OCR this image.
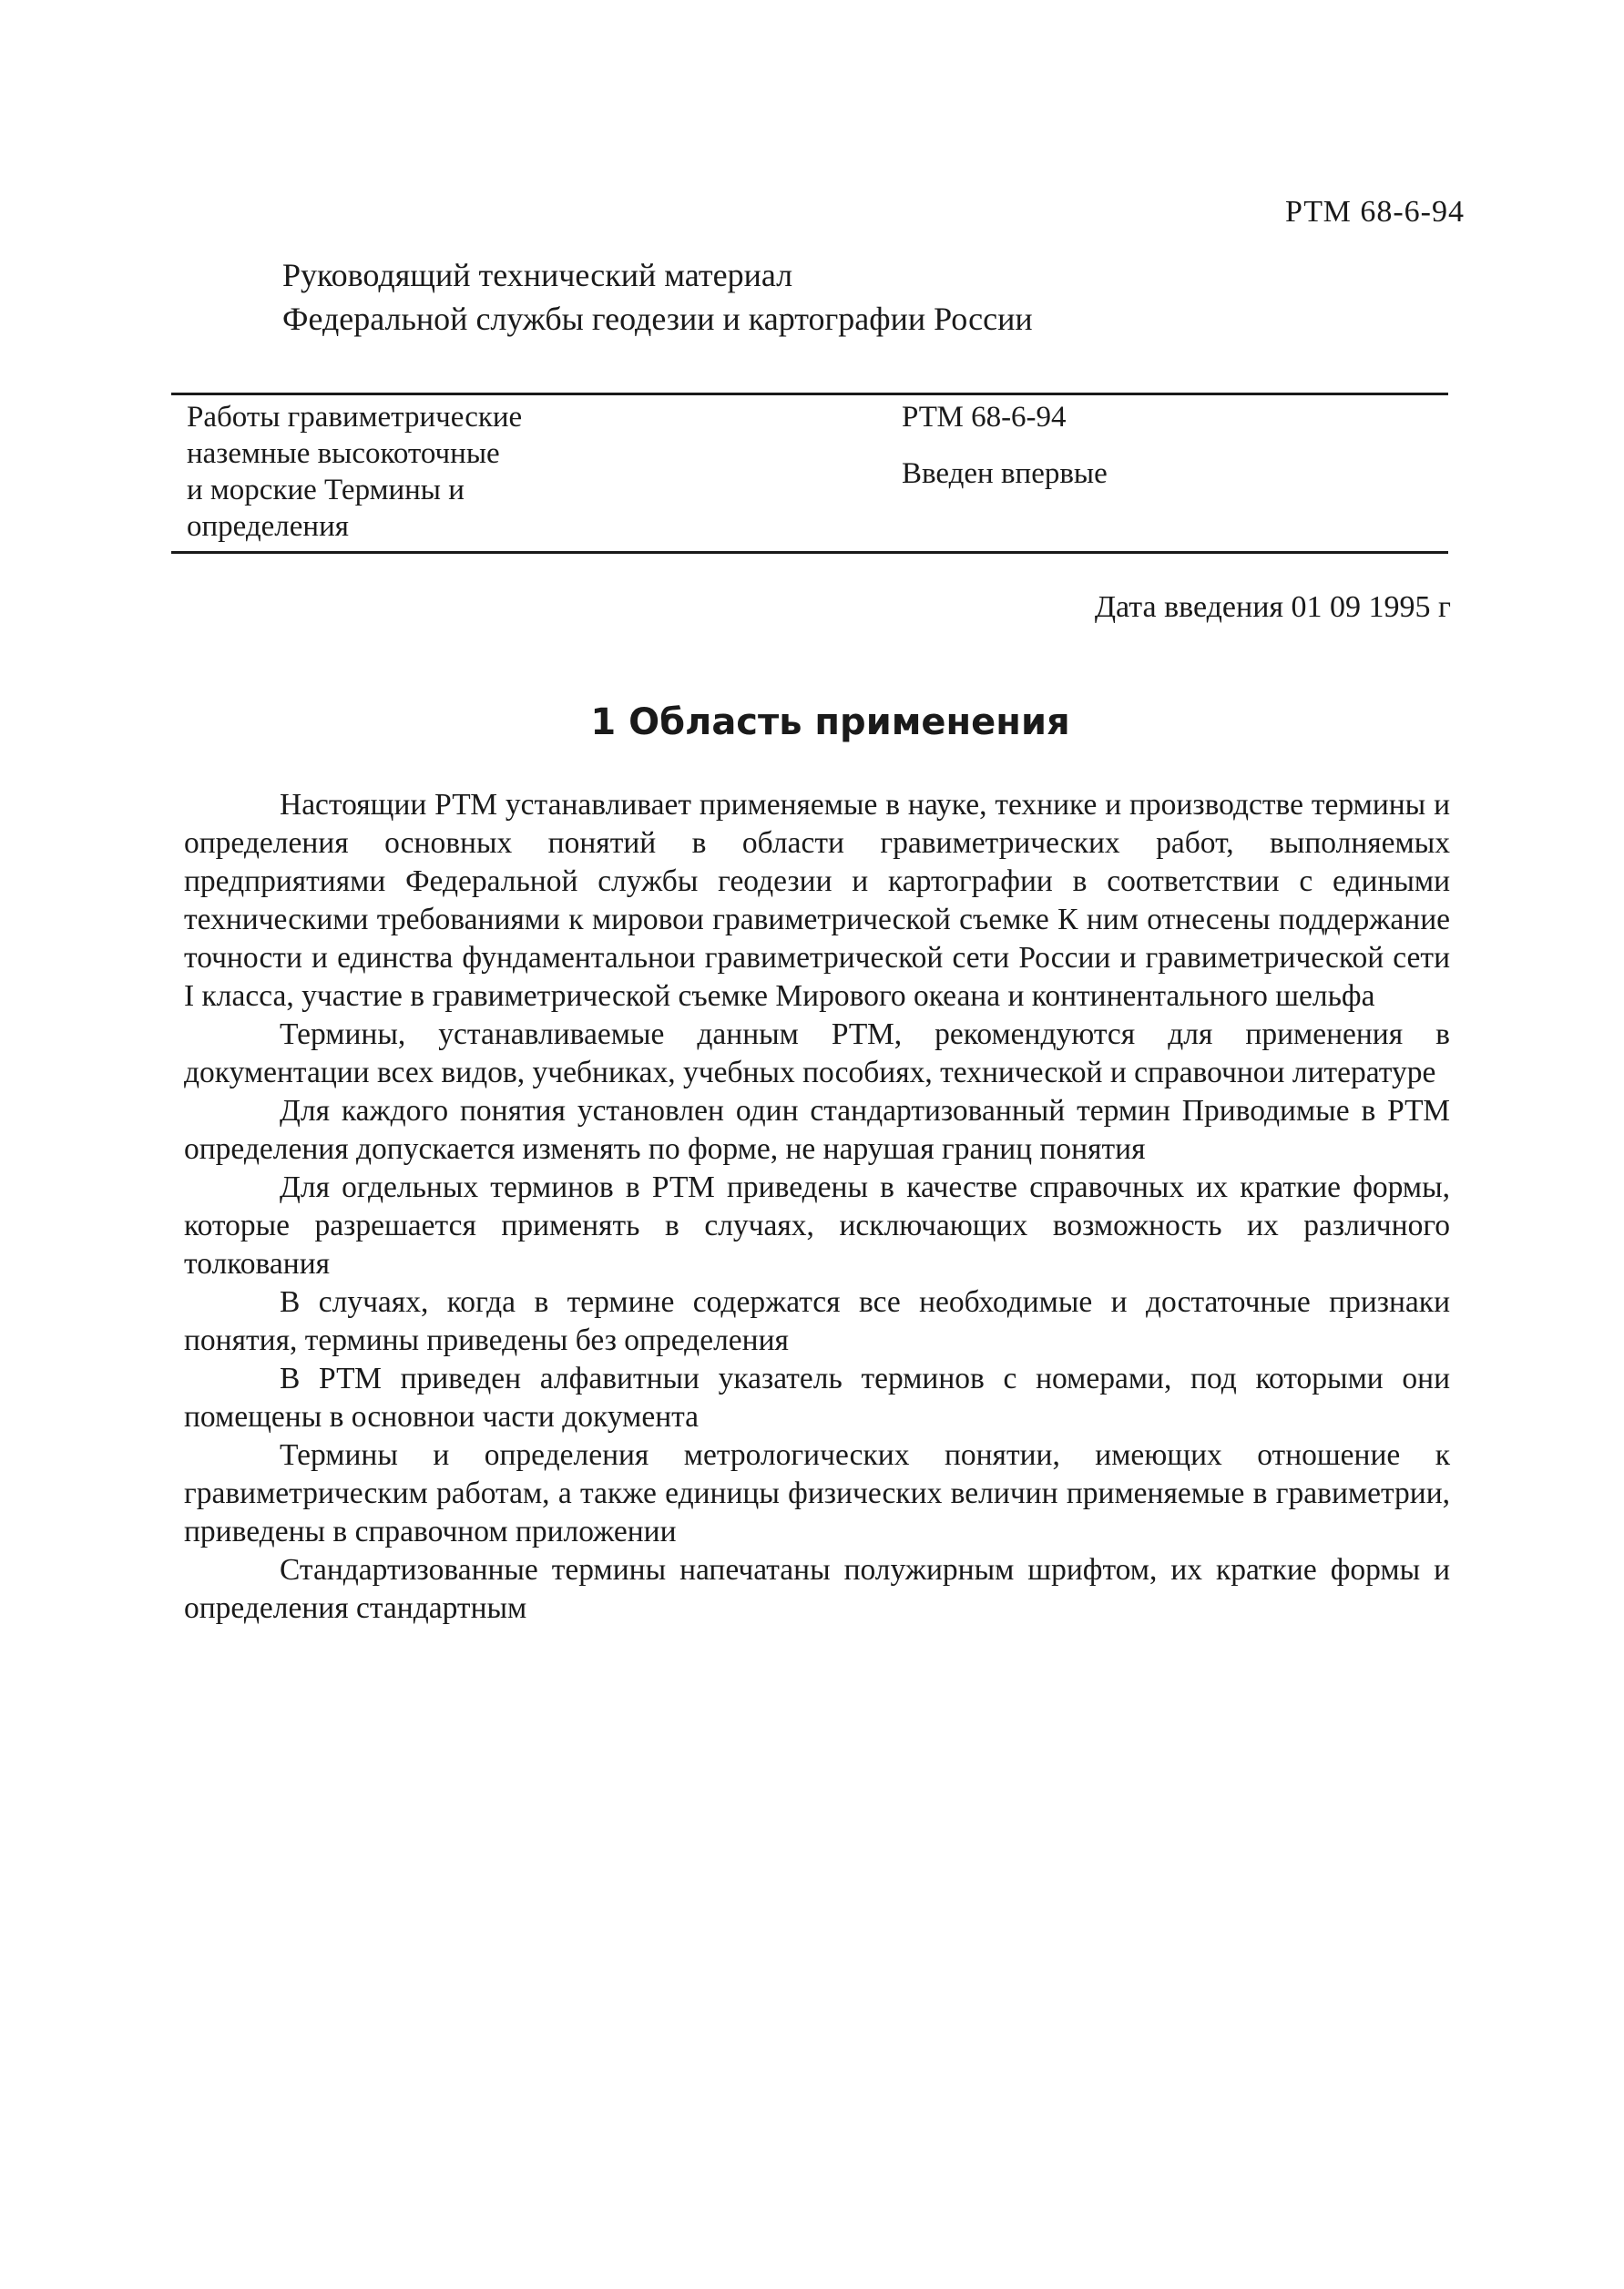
РТМ 68-6-94
Руководящий технический материал
Федеральной службы геодезии и картографии России
Работы гравиметрические
наземные высокоточные
и морские Термины и
определения
РТМ 68-6-94
Введен впервые
Дата введения 01 09 1995 г
1 Область применения

Настоящии РТМ устанавливает применяемые в науке, технике и производстве термины и определения основных понятий в области гравиметрических работ, выполняемых предприятиями Федеральной службы геодезии и картографии в соответствии с едиными техническими требованиями к мировои гравиметрической съемке К ним отнесены поддержание точности и единства фундаментальнои гравиметрической сети России и гравиметрической сети I класса, участие в гравиметрической съемке Мирового океана и континентального шельфа

Термины, устанавливаемые данным РТМ, рекомендуются для применения в документации всех видов, учебниках, учебных пособиях, технической и справочнои литературе

Для каждого понятия установлен один стандартизованный термин Приводимые в РТМ определения допускается изменять по форме, не нарушая границ понятия

Для огдельных терминов в РТМ приведены в качестве справочных их краткие формы, которые разрешается применять в случаях, исключающих возможность их различного толкования

В случаях, когда в термине содержатся все необходимые и достаточные признаки понятия, термины приведены без определения

В РТМ приведен алфавитныи указатель терминов с номерами, под которыми они помещены в основнои части документа

Термины и определения метрологических понятии, имеющих отношение к гравиметрическим работам, а также единицы физических величин применяемые в гравиметрии, приведены в справочном приложении

Стандартизованные термины напечатаны полужирным шрифтом, их краткие формы и определения стандартным
